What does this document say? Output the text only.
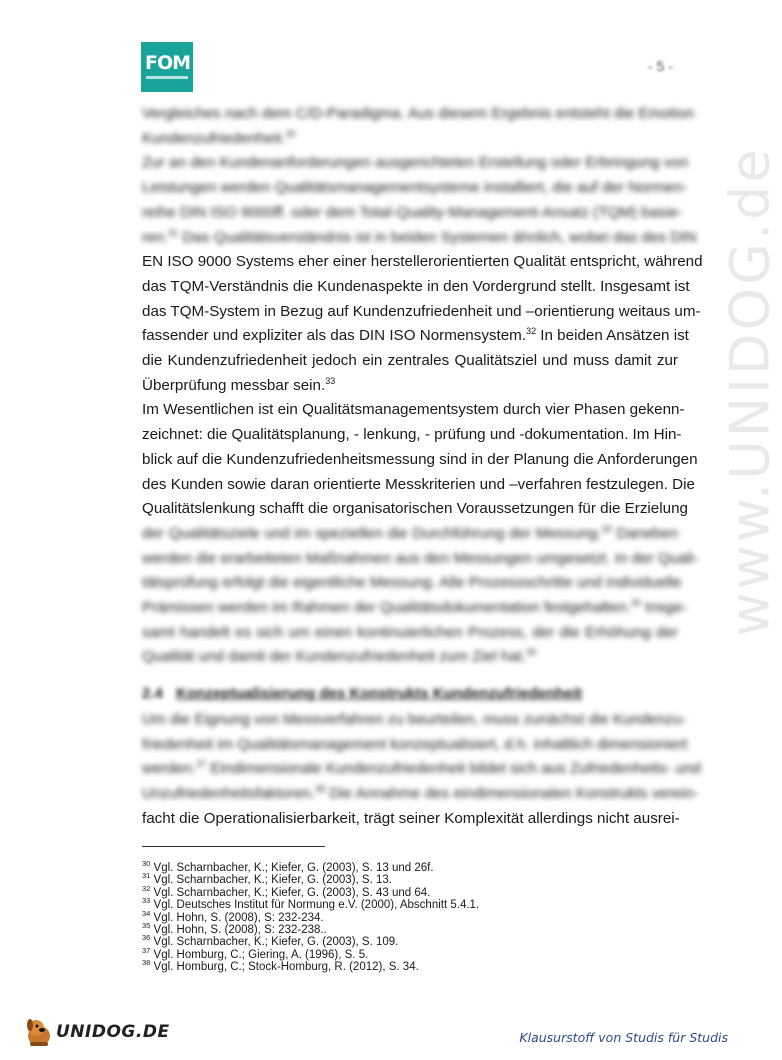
FOM	- 5 -
www.UNIDOG.de
Vergleiches nach dem C/D-Paradigma. Aus diesem Ergebnis entsteht die Emotion
Kundenzufriedenheit.$^{30}$
Zur an den Kundenanforderungen ausgerichteten Erstellung oder Erbringung von
Leistungen werden Qualitätsmanagementsysteme installiert, die auf der Normen-
reihe DIN ISO 9000ff. oder dem Total-Quality-Management-Ansatz (TQM) basie-
ren.$^{31}$ Das Qualitätsverständnis ist in beiden Systemen ähnlich, wobei das des DIN
EN ISO 9000 Systems eher einer herstellerorientierten Qualität entspricht, während
das TQM-Verständnis die Kundenaspekte in den Vordergrund stellt. Insgesamt ist
das TQM-System in Bezug auf Kundenzufriedenheit und –orientierung weitaus um-
fassender und expliziter als das DIN ISO Normensystem.$^{32}$ In beiden Ansätzen ist
die Kundenzufriedenheit jedoch ein zentrales Qualitätsziel und muss damit zur
Überprüfung messbar sein.$^{33}$
Im Wesentlichen ist ein Qualitätsmanagementsystem durch vier Phasen gekenn-
zeichnet: die Qualitätsplanung, - lenkung, - prüfung und -dokumentation. Im Hin-
blick auf die Kundenzufriedenheitsmessung sind in der Planung die Anforderungen
des Kunden sowie daran orientierte Messkriterien und –verfahren festzulegen. Die
Qualitätslenkung schafft die organisatorischen Voraussetzungen für die Erzielung
der Qualitätsziele und im speziellen die Durchführung der Messung.$^{34}$ Daneben
werden die erarbeiteten Maßnahmen aus den Messungen umgesetzt. In der Quali-
tätsprüfung erfolgt die eigentliche Messung. Alle Prozessschritte und individuelle
Prämissen werden im Rahmen der Qualitätsdokumentation festgehalten.$^{35}$ Insge-
samt handelt es sich um einen kontinuierlichen Prozess, der die Erhöhung der
Qualität und damit der Kundenzufriedenheit zum Ziel hat.$^{36}$
2.4 Konzeptualisierung des Konstrukts Kundenzufriedenheit
Um die Eignung von Messverfahren zu beurteilen, muss zunächst die Kundenzu-
friedenheit im Qualitätsmanagement konzeptualisiert, d.h. inhaltlich dimensioniert
werden.$^{37}$ Eindimensionale Kundenzufriedenheit bildet sich aus Zufriedenheits- und
Unzufriedenheitsfaktoren.$^{38}$ Die Annahme des eindimensionalen Konstrukts verein-
facht die Operationalisierbarkeit, trägt seiner Komplexität allerdings nicht ausrei-
$^{30}$ Vgl. Scharnbacher, K.; Kiefer, G. (2003), S. 13 und 26f.
$^{31}$ Vgl. Scharnbacher, K.; Kiefer, G. (2003), S. 13.
$^{32}$ Vgl. Scharnbacher, K.; Kiefer, G. (2003), S. 43 und 64.
$^{33}$ Vgl. Deutsches Institut für Normung e.V. (2000), Abschnitt 5.4.1.
$^{34}$ Vgl. Hohn, S. (2008), S: 232-234.
$^{35}$ Vgl. Hohn, S. (2008), S: 232-238..
$^{36}$ Vgl. Scharnbacher, K.; Kiefer, G. (2003), S. 109.
$^{37}$ Vgl. Homburg, C.; Giering, A. (1996), S. 5.
$^{38}$ Vgl. Homburg, C.; Stock-Homburg, R. (2012), S. 34.
UNIDOG.DE	Klausurstoff von Studis für Studis
